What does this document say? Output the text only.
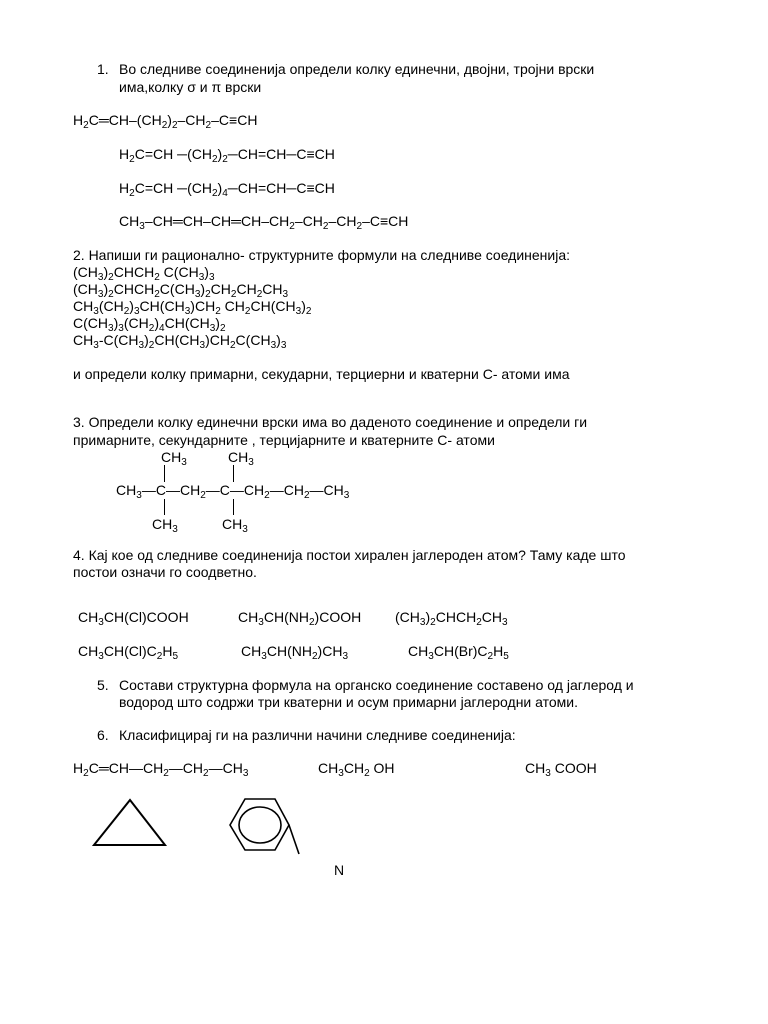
1. Во следниве соединенија определи колку единечни, двојни, тројни врски
има,колку σ и π врски
$H_2C═CH-(CH_2)_2-CH_2-C\equiv CH$
$H_2C=CH$ $─(CH_2)_2─CH=CH─C\equiv CH$
$H_2C=CH$ $─(CH_2)_4─CH=CH─C\equiv CH$
$CH_3-CH═CH-CH═CH-CH_2-CH_2-CH_2-C\equiv CH$
2. Напиши ги рационално- структурните формули на следниве соединенија:
$(CH_3)_2CHCH_2$ $C(CH_3)_3$
$(CH_3)_2CHCH_2C(CH_3)_2CH_2CH_2CH_3$
$CH_3(CH_2)_3CH(CH_3)CH_2$ $CH_2CH(CH_3)_2$
$C(CH_3)_3(CH_2)_4CH(CH_3)_2$
$CH_3-C(CH_3)_2CH(CH_3)CH_2C(CH_3)_3$
и определи колку примарни, секударни, терциерни и кватерни C- атоми има
3. Определи колку единечни врски има во даденото соединение и определи ги
примарните, секундарните , терцијарните и кватерните C- атоми
$CH_3$	$CH_3$
$CH_3—C—CH_2—C—CH_2—CH_2—CH_3$
$CH_3$	$CH_3$
4. Кај кое од следниве соединенија постои хирален јаглероден атом? Таму каде што
постои означи го соодветно.
$CH_3CH(Cl)COOH$	$CH_3CH(NH_2)COOH$ $(CH_3)_2CHCH_2CH_3$
$CH_3CH(Cl)C_2H_5$	$CH_3CH(NH_2)CH_3$	$CH_3CH(Br)C_2H_5$
5. Состави структурна формула на органско соединение составено од јаглерод и
водород што содржи три кватерни и осум примарни јаглеродни атоми.
6. Класифицирај ги на различни начини следниве соединенија:
$H_2C═CH—CH_2—CH_2—CH_3$	$CH_3CH_2$ OH	$CH_3$ COOH
N
